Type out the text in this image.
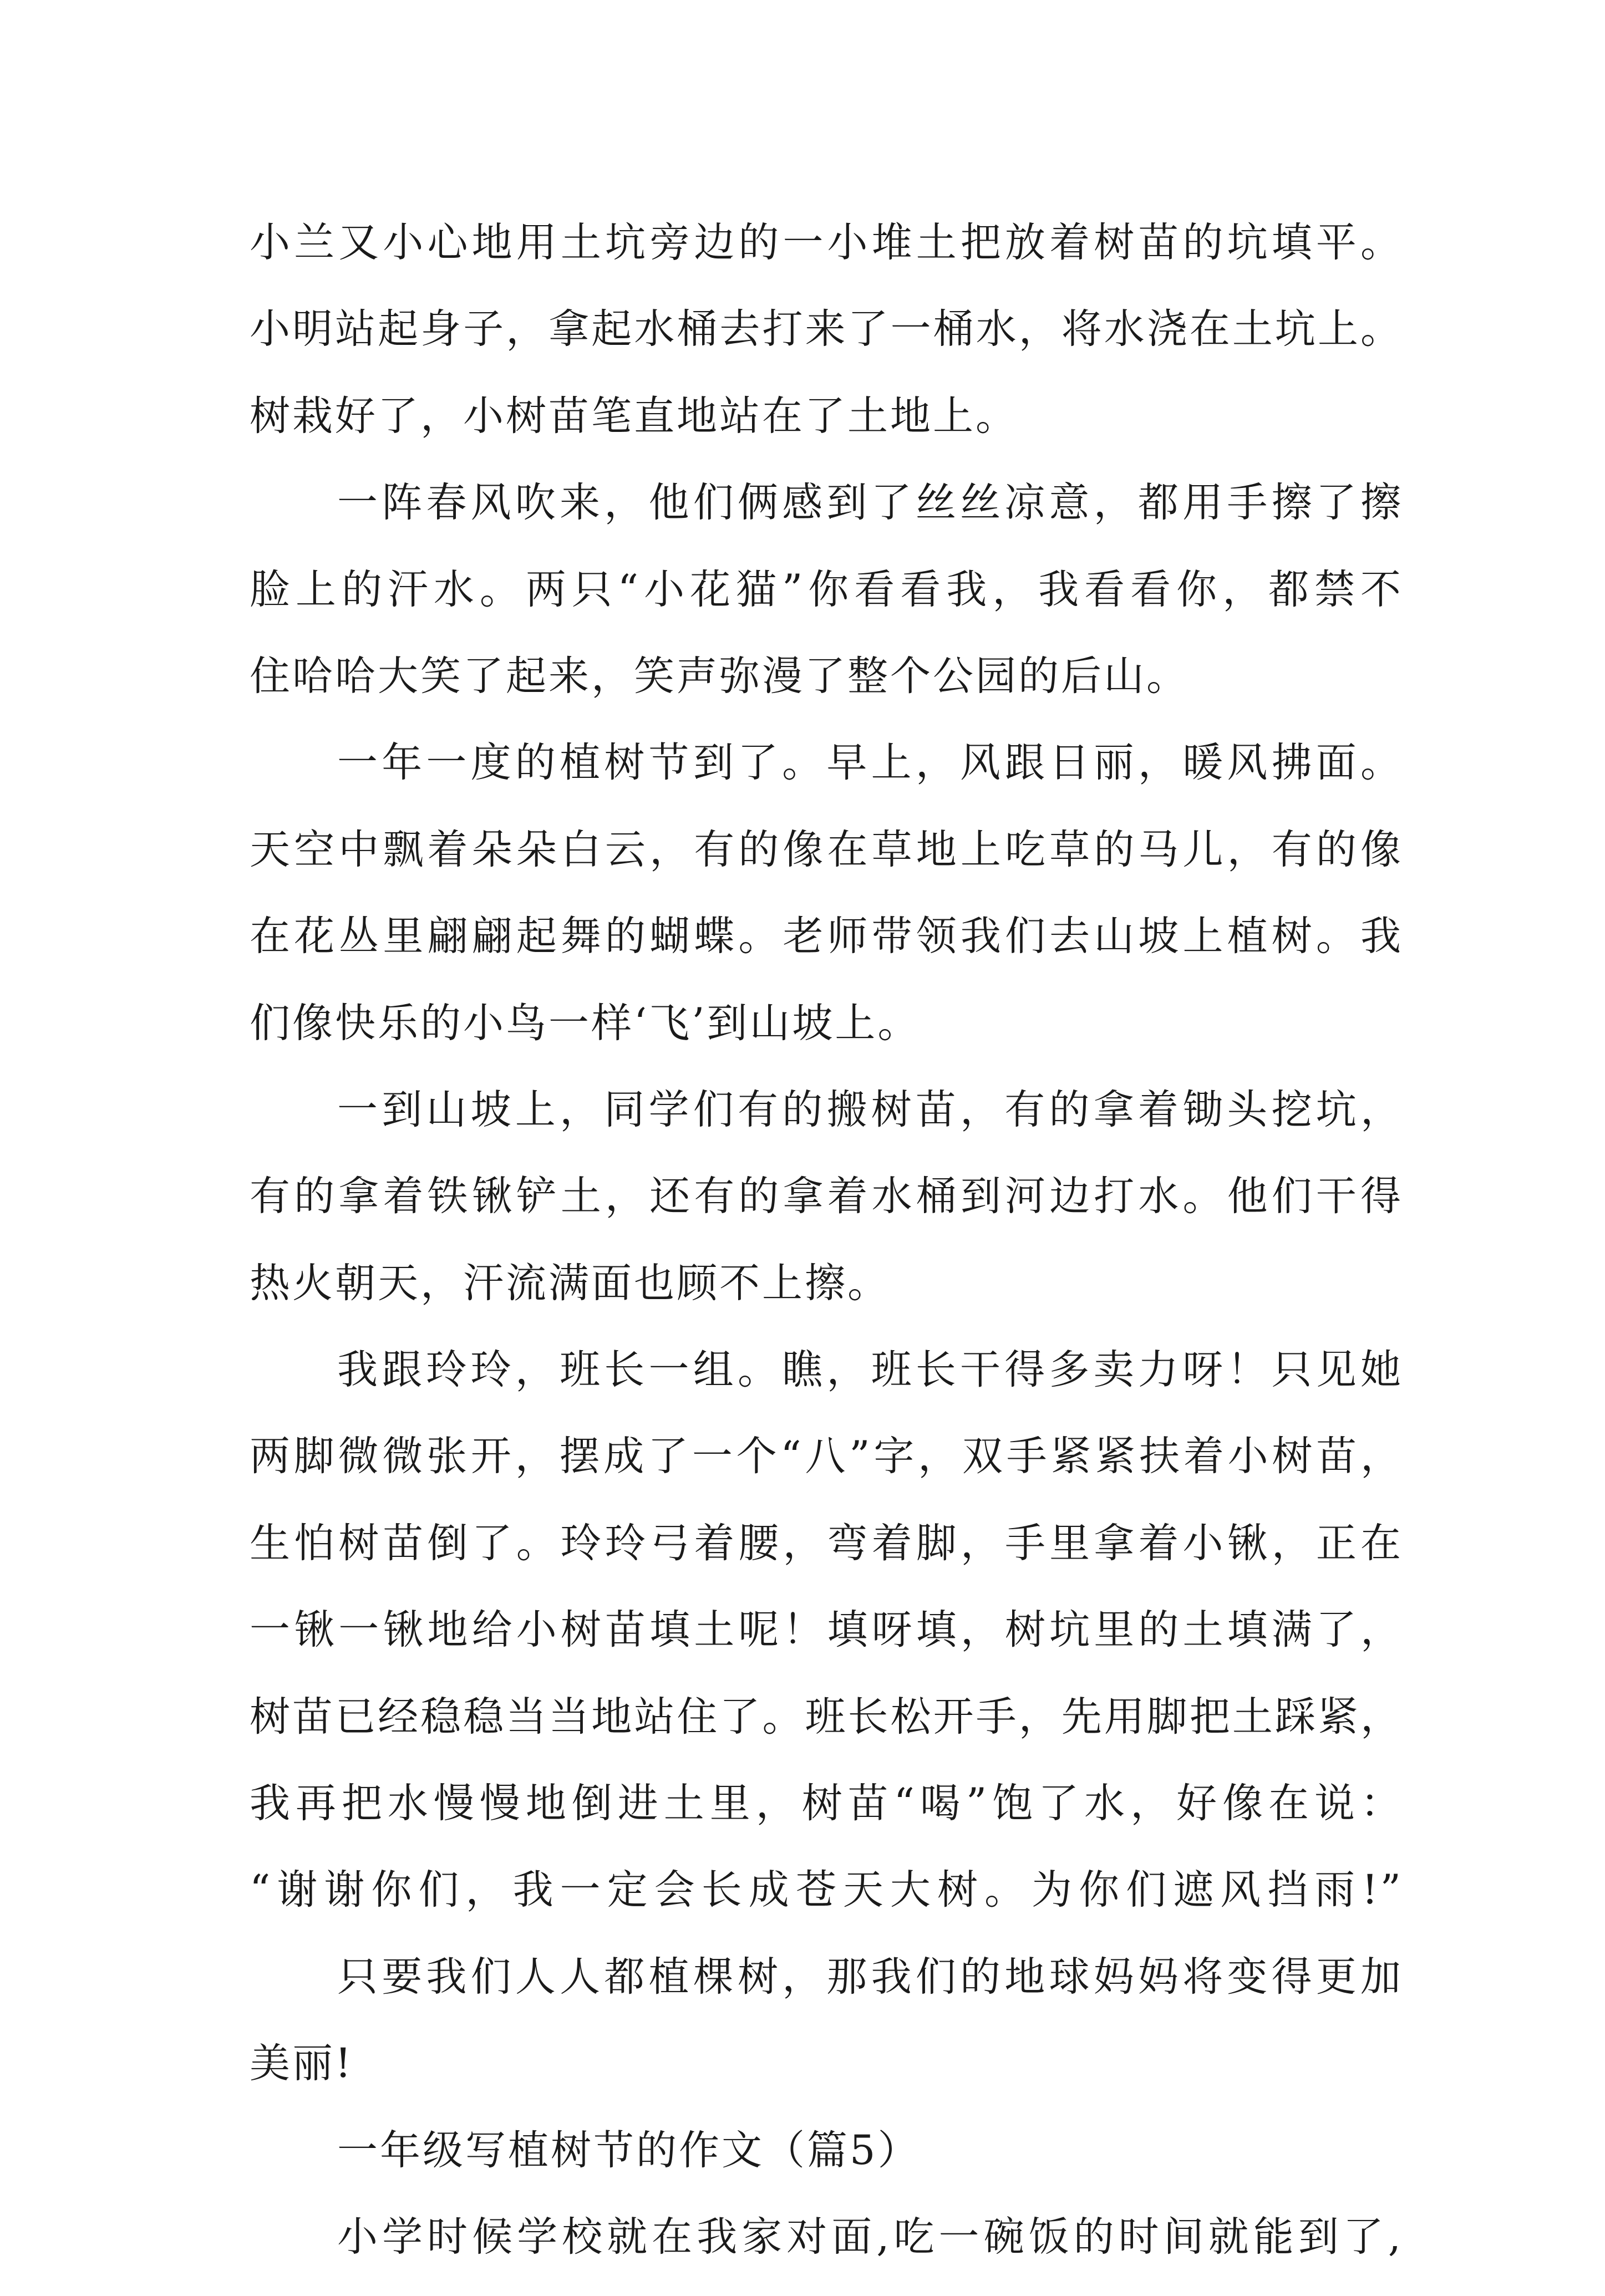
小兰又小心地用土坑旁边的一小堆土把放着树苗的坑填平。
小明站起身子，拿起水桶去打来了一桶水，将水浇在土坑上。
树栽好了，小树苗笔直地站在了土地上。
一阵春风吹来，他们俩感到了丝丝凉意，都用手擦了擦
脸上的汗水。两只“小花猫”你看看我，我看看你，都禁不
住哈哈大笑了起来，笑声弥漫了整个公园的后山。
一年一度的植树节到了。早上，风跟日丽，暖风拂面。
天空中飘着朵朵白云，有的像在草地上吃草的马儿，有的像
在花丛里翩翩起舞的蝴蝶。老师带领我们去山坡上植树。我
们像快乐的小鸟一样‘飞’到山坡上。
一到山坡上，同学们有的搬树苗，有的拿着锄头挖坑，
有的拿着铁锹铲土，还有的拿着水桶到河边打水。他们干得
热火朝天，汗流满面也顾不上擦。
我跟玲玲，班长一组。瞧，班长干得多卖力呀！只见她
两脚微微张开，摆成了一个“八”字，双手紧紧扶着小树苗，
生怕树苗倒了。玲玲弓着腰，弯着脚，手里拿着小锹，正在
一锹一锹地给小树苗填土呢！填呀填，树坑里的土填满了，
树苗已经稳稳当当地站住了。班长松开手，先用脚把土踩紧，
我再把水慢慢地倒进土里，树苗“喝”饱了水，好像在说：
“谢谢你们，我一定会长成苍天大树。为你们遮风挡雨!”
只要我们人人都植棵树，那我们的地球妈妈将变得更加
美丽!
一年级写植树节的作文（篇5）
小学时候学校就在我家对面,吃一碗饭的时间就能到了,
